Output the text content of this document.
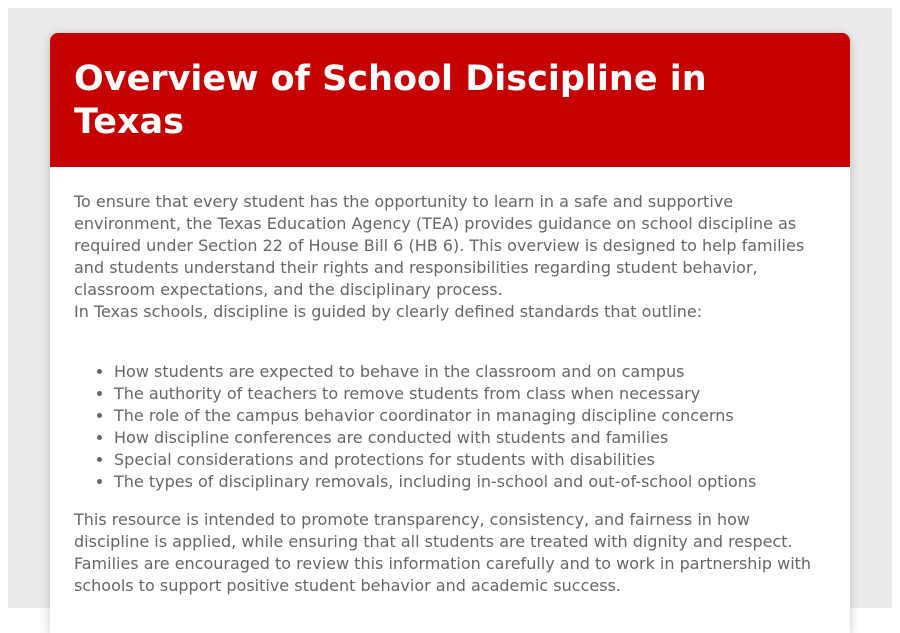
Overview of School Discipline in Texas

To ensure that every student has the opportunity to learn in a safe and supportive environment, the Texas Education Agency (TEA) provides guidance on school discipline as required under Section 22 of House Bill 6 (HB 6). This overview is designed to help families and students understand their rights and responsibilities regarding student behavior, classroom expectations, and the disciplinary process.

In Texas schools, discipline is guided by clearly defined standards that outline:

• How students are expected to behave in the classroom and on campus
• The authority of teachers to remove students from class when necessary
• The role of the campus behavior coordinator in managing discipline concerns
• How discipline conferences are conducted with students and families
• Special considerations and protections for students with disabilities
• The types of disciplinary removals, including in-school and out-of-school options

This resource is intended to promote transparency, consistency, and fairness in how discipline is applied, while ensuring that all students are treated with dignity and respect. Families are encouraged to review this information carefully and to work in partnership with schools to support positive student behavior and academic success.
